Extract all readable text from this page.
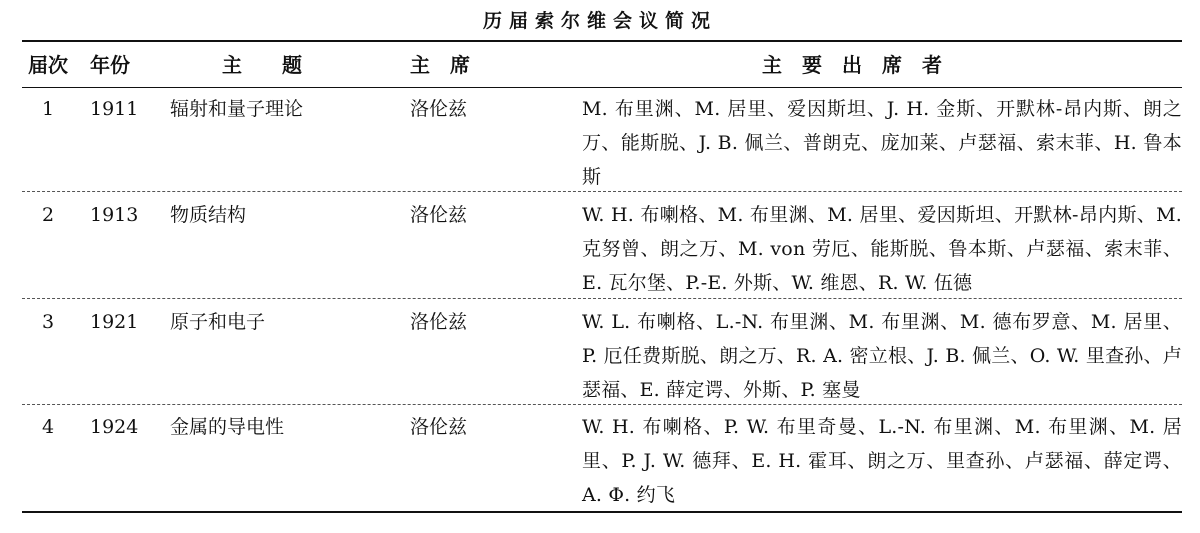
历届索尔维会议简况
届次 年份	主　　题	主　席	主　要　出　席　者
1 1911 辐射和量子理论	洛伦兹	M. 布里渊、M. 居里、爱因斯坦、J. H. 金斯、开默林-昂内斯、朗之万、能斯脱、J. B. 佩兰、普朗克、庞加莱、卢瑟福、索末菲、H. 鲁本斯
2 1913 物质结构	洛伦兹	W. H. 布喇格、M. 布里渊、M. 居里、爱因斯坦、开默林-昂内斯、M. 克努曾、朗之万、M. von 劳厄、能斯脱、鲁本斯、卢瑟福、索末菲、E. 瓦尔堡、P.-E. 外斯、W. 维恩、R. W. 伍德
3 1921 原子和电子	洛伦兹	W. L. 布喇格、L.-N. 布里渊、M. 布里渊、M. 德布罗意、M. 居里、P. 厄任费斯脱、朗之万、R. A. 密立根、J. B. 佩兰、O. W. 里查孙、卢瑟福、E. 薛定谔、外斯、P. 塞曼
4 1924 金属的导电性	洛伦兹	W. H. 布喇格、P. W. 布里奇曼、L.-N. 布里渊、M. 布里渊、M. 居里、P. J. W. 德拜、E. H. 霍耳、朗之万、里查孙、卢瑟福、薛定谔、A. Φ. 约飞
